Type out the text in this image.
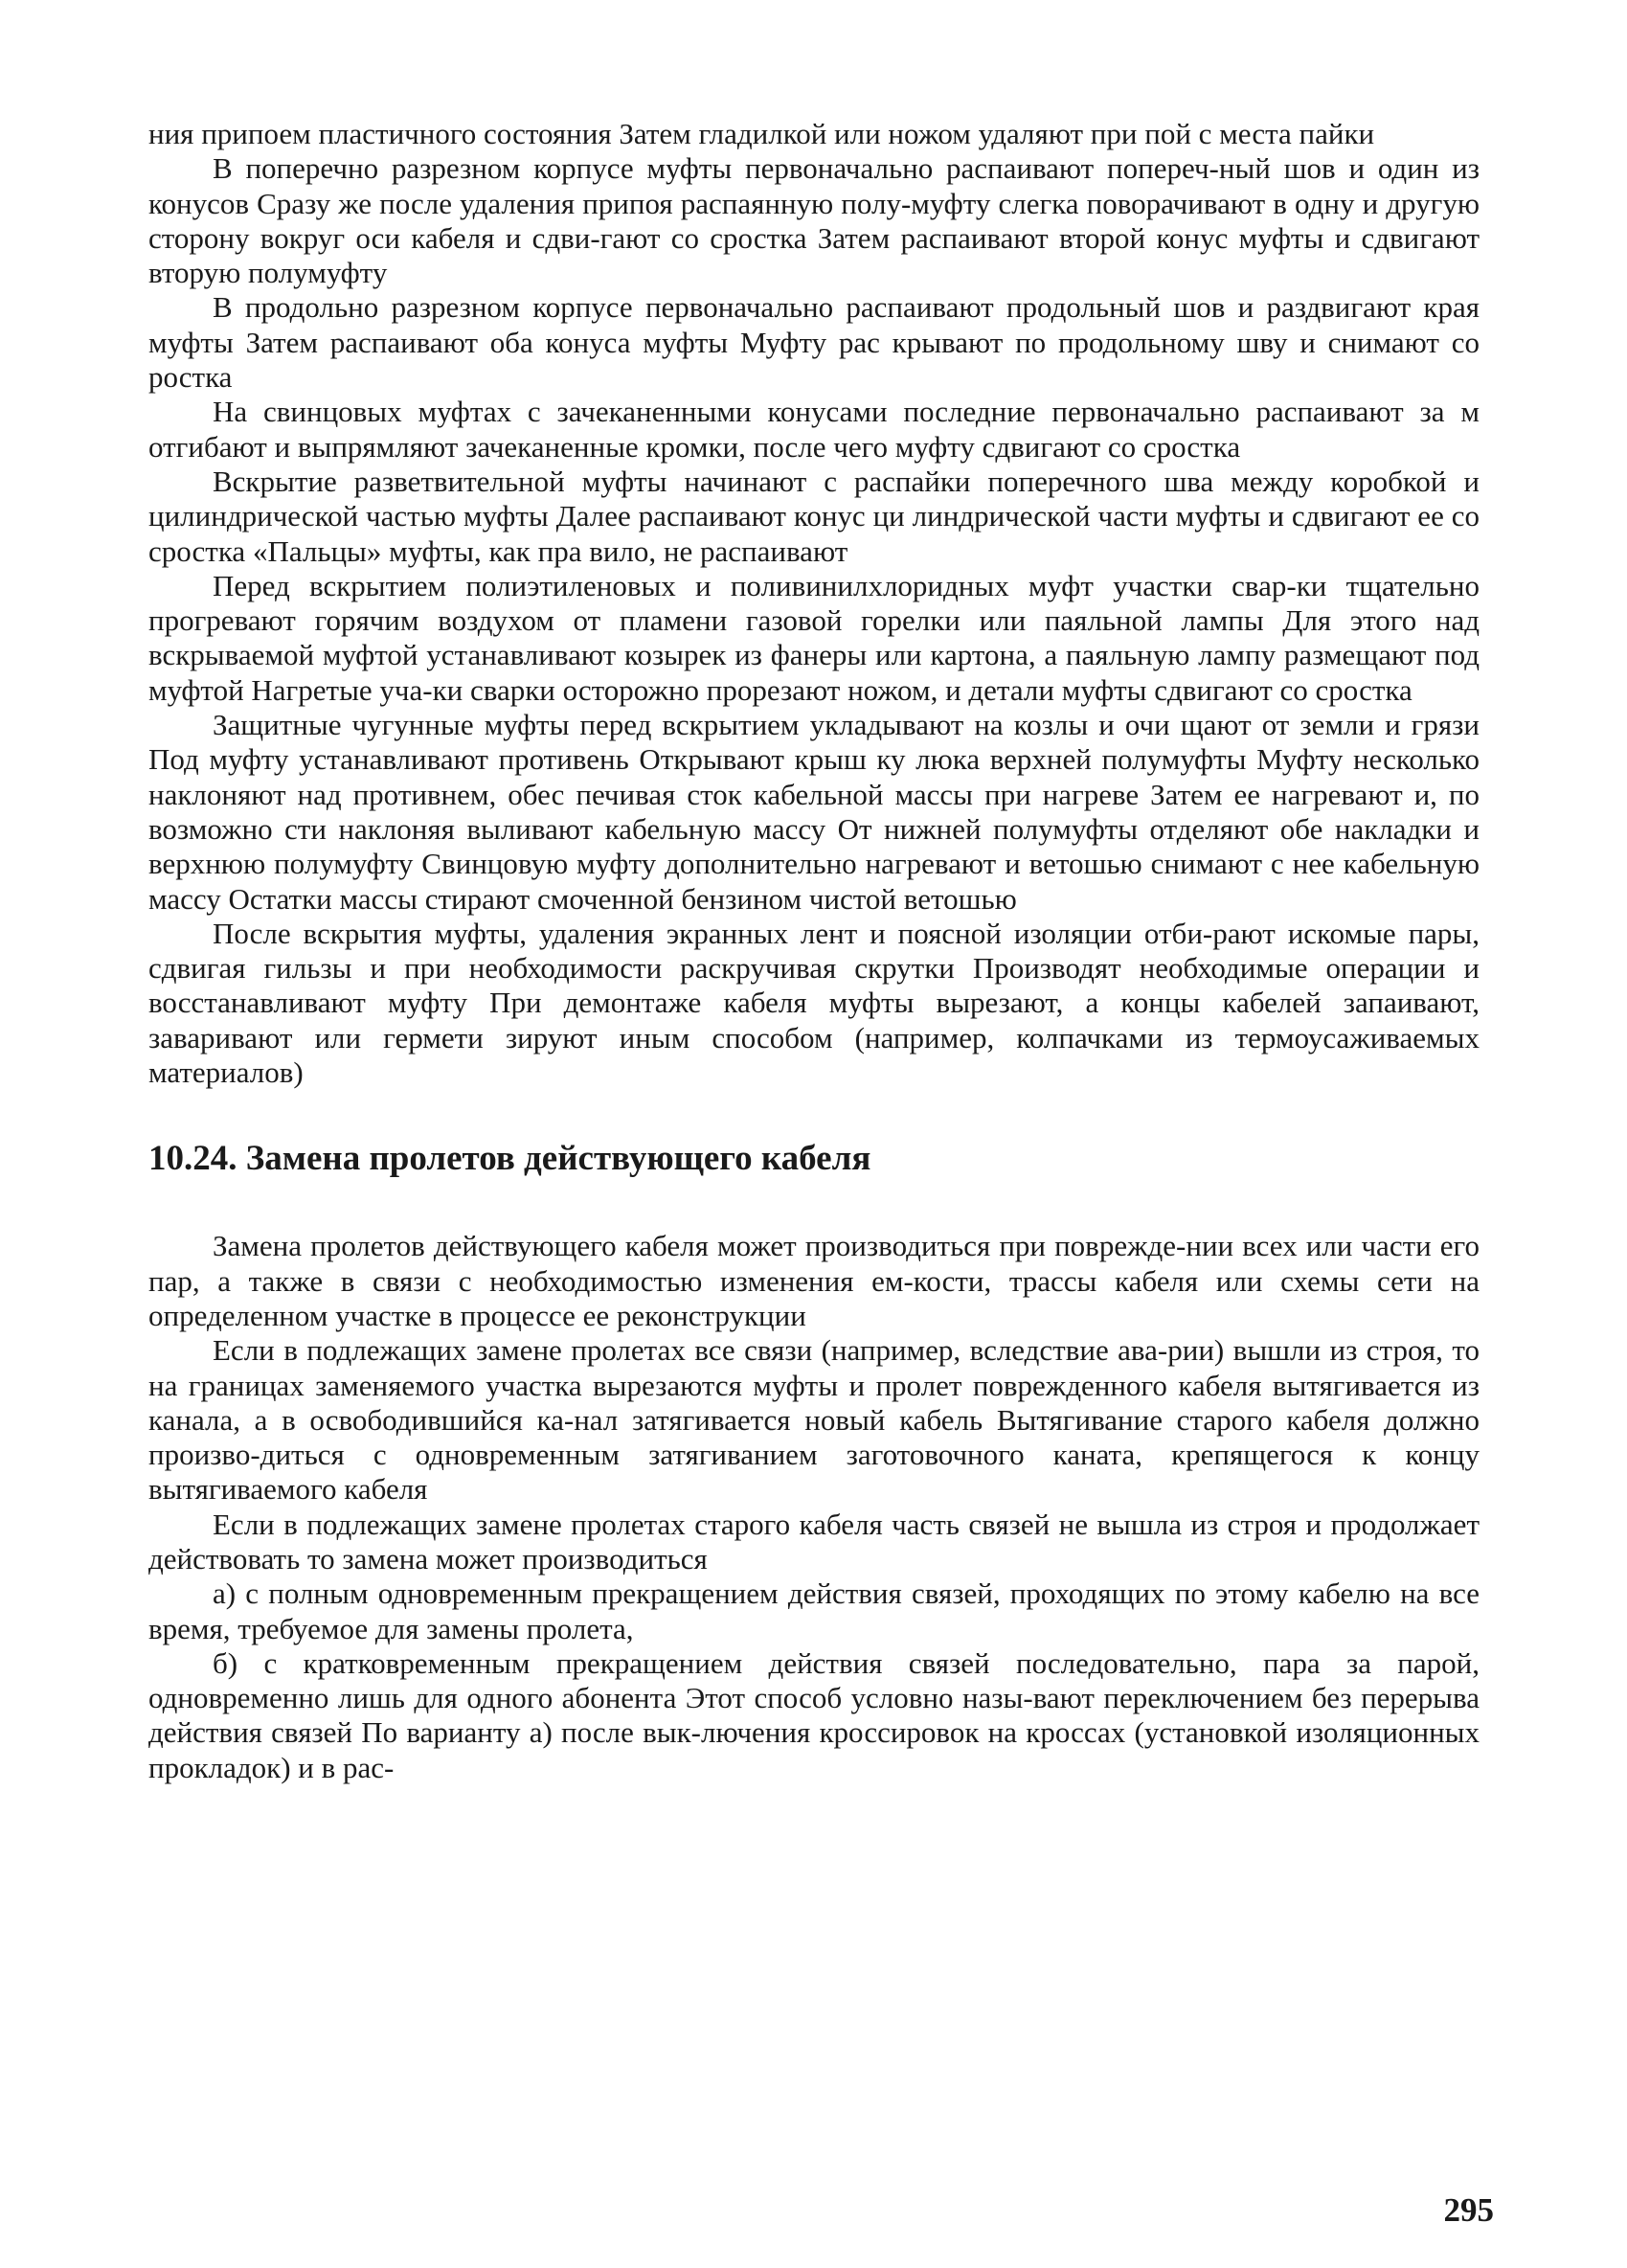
ния припоем пластичного состояния Затем гладилкой или ножом удаляют при пой с места пайки

В поперечно разрезном корпусе муфты первоначально распаивают попереч-ный шов и один из конусов Сразу же после удаления припоя распаянную полу-муфту слегка поворачивают в одну и другую сторону вокруг оси кабеля и сдви-гают со сростка Затем распаивают второй конус муфты и сдвигают вторую полумуфту

В продольно разрезном корпусе первоначально распаивают продольный шов и раздвигают края муфты Затем распаивают оба конуса муфты Муфту рас крывают по продольному шву и снимают со ростка

На свинцовых муфтах с зачеканенными конусами последние первоначально распаивают за м отгибают и выпрямляют зачеканенные кромки, после чего муфту сдвигают со сростка

Вскрытие разветвительной муфты начинают с распайки поперечного шва между коробкой и цилиндрической частью муфты Далее распаивают конус ци линдрической части муфты и сдвигают ее со сростка «Пальцы» муфты, как пра вило, не распаивают

Перед вскрытием полиэтиленовых и поливинилхлоридных муфт участки свар-ки тщательно прогревают горячим воздухом от пламени газовой горелки или паяльной лампы Для этого над вскрываемой муфтой устанавливают козырек из фанеры или картона, а паяльную лампу размещают под муфтой Нагретые уча-ки сварки осторожно прорезают ножом, и детали муфты сдвигают со сростка

Защитные чугунные муфты перед вскрытием укладывают на козлы и очи щают от земли и грязи Под муфту устанавливают противень Открывают крыш ку люка верхней полумуфты Муфту несколько наклоняют над противнем, обес печивая сток кабельной массы при нагреве Затем ее нагревают и, по возможно сти наклоняя выливают кабельную массу От нижней полумуфты отделяют обе накладки и верхнюю полумуфту Свинцовую муфту дополнительно нагревают и ветошью снимают с нее кабельную массу Остатки массы стирают смоченной бензином чистой ветошью

После вскрытия муфты, удаления экранных лент и поясной изоляции отби-рают искомые пары, сдвигая гильзы и при необходимости раскручивая скрутки Производят необходимые операции и восстанавливают муфту При демонтаже кабеля муфты вырезают, а концы кабелей запаивают, заваривают или гермети зируют иным способом (например, колпачками из термоусаживаемых материалов)

10.24. Замена пролетов действующего кабеля

Замена пролетов действующего кабеля может производиться при поврежде-нии всех или части его пар, а также в связи с необходимостью изменения ем-кости, трассы кабеля или схемы сети на определенном участке в процессе ее реконструкции

Если в подлежащих замене пролетах все связи (например, вследствие ава-рии) вышли из строя, то на границах заменяемого участка вырезаются муфты и пролет поврежденного кабеля вытягивается из канала, а в освободившийся ка-нал затягивается новый кабель Вытягивание старого кабеля должно произво-диться с одновременным затягиванием заготовочного каната, крепящегося к концу вытягиваемого кабеля

Если в подлежащих замене пролетах старого кабеля часть связей не вышла из строя и продолжает действовать то замена может производиться

а) с полным одновременным прекращением действия связей, проходящих по этому кабелю на все время, требуемое для замены пролета,

б) с кратковременным прекращением действия связей последовательно, пара за парой, одновременно лишь для одного абонента Этот способ условно назы-вают переключением без перерыва действия связей По варианту а) после вык-лючения кроссировок на кроссах (установкой изоляционных прокладок) и в рас-

295
